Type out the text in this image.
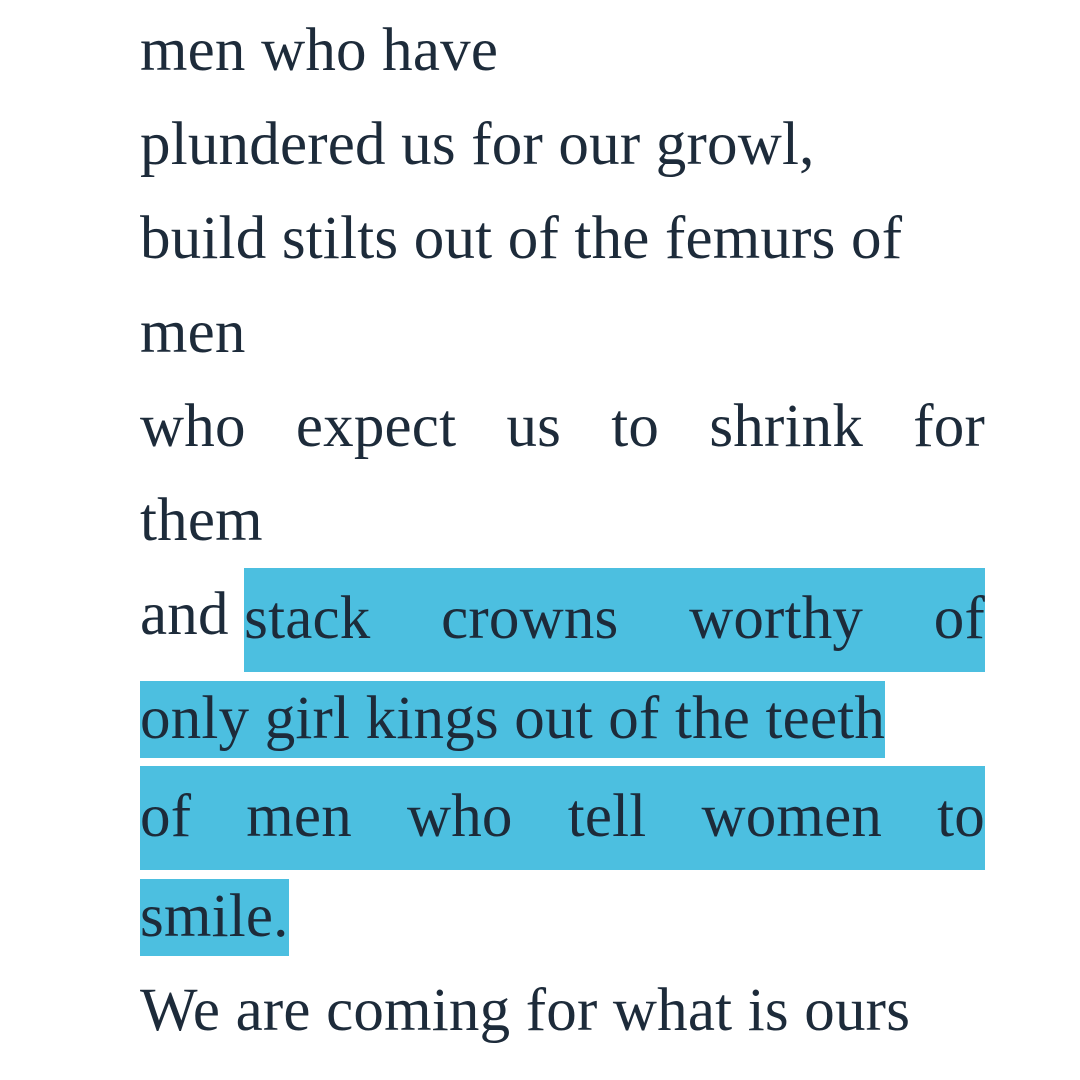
men who have
plundered us for our growl,
build stilts out of the femurs of
men
who expect us to shrink for
them
and stack crowns worthy of
only girl kings out of the teeth
of men who tell women to
smile.
We are coming for what is ours
